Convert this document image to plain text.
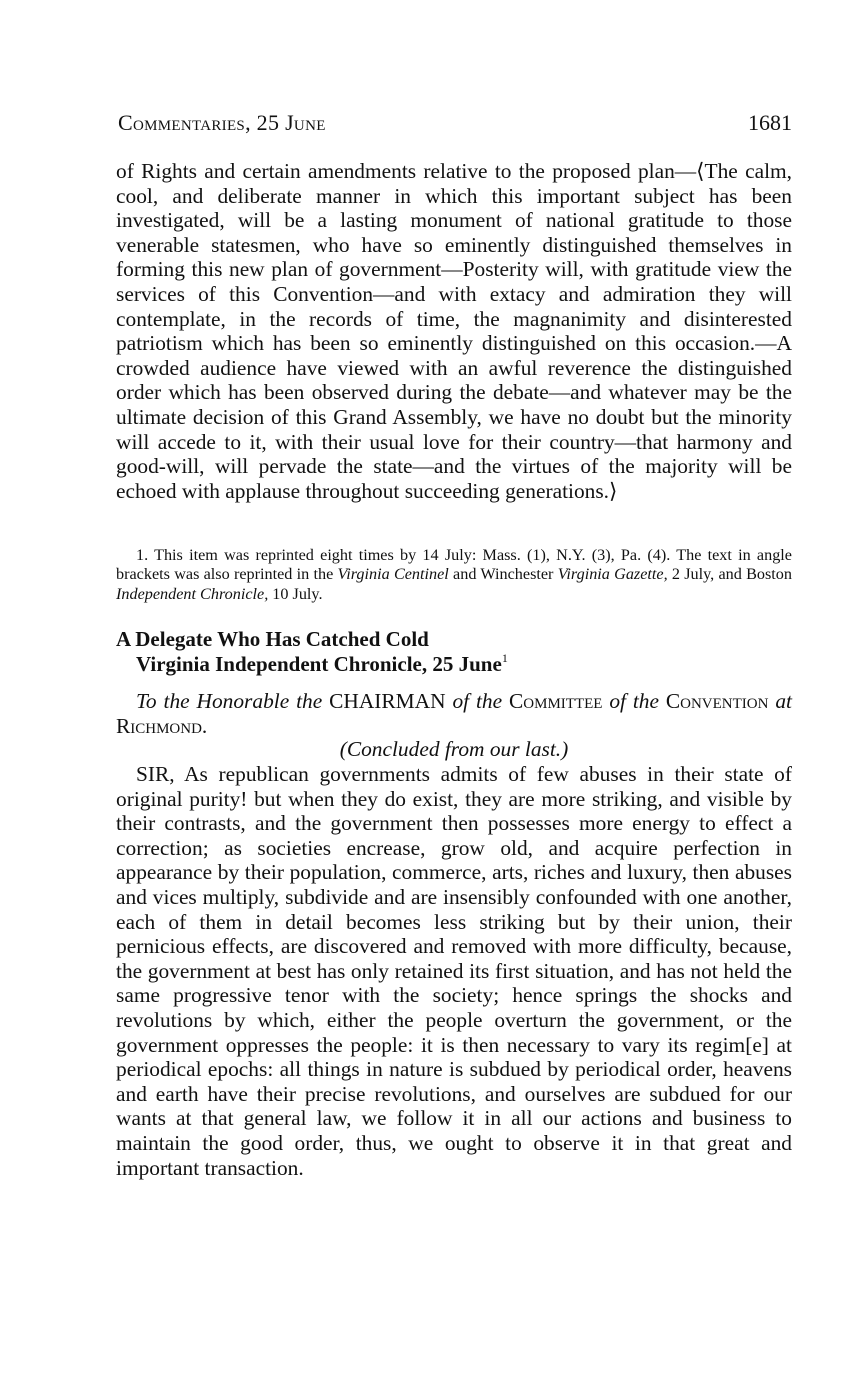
Commentaries, 25 June	1681

of Rights and certain amendments relative to the proposed plan—⟨The calm, cool, and deliberate manner in which this important subject has been investigated, will be a lasting monument of national gratitude to those venerable statesmen, who have so eminently distinguished themselves in forming this new plan of government—Posterity will, with gratitude view the services of this Convention—and with extacy and admiration they will contemplate, in the records of time, the magnanimity and disinterested patriotism which has been so eminently distinguished on this occasion.—A crowded audience have viewed with an awful reverence the distinguished order which has been observed during the debate—and whatever may be the ultimate decision of this Grand Assembly, we have no doubt but the minority will accede to it, with their usual love for their country—that harmony and good-will, will pervade the state—and the virtues of the majority will be echoed with applause throughout succeeding generations.⟩

1. This item was reprinted eight times by 14 July: Mass. (1), N.Y. (3), Pa. (4). The text in angle brackets was also reprinted in the Virginia Centinel and Winchester Virginia Gazette, 2 July, and Boston Independent Chronicle, 10 July.

A Delegate Who Has Catched Cold
Virginia Independent Chronicle, 25 June$^1$

To the Honorable the CHAIRMAN of the Committee of the Convention at Richmond.

(Concluded from our last.)

SIR, As republican governments admits of few abuses in their state of original purity! but when they do exist, they are more striking, and visible by their contrasts, and the government then possesses more energy to effect a correction; as societies encrease, grow old, and acquire perfection in appearance by their population, commerce, arts, riches and luxury, then abuses and vices multiply, subdivide and are insensibly confounded with one another, each of them in detail becomes less striking but by their union, their pernicious effects, are discovered and removed with more difficulty, because, the government at best has only retained its first situation, and has not held the same progressive tenor with the society; hence springs the shocks and revolutions by which, either the people overturn the government, or the government oppresses the people: it is then necessary to vary its regim[e] at periodical epochs: all things in nature is subdued by periodical order, heavens and earth have their precise revolutions, and ourselves are subdued for our wants at that general law, we follow it in all our actions and business to maintain the good order, thus, we ought to observe it in that great and important transaction.
